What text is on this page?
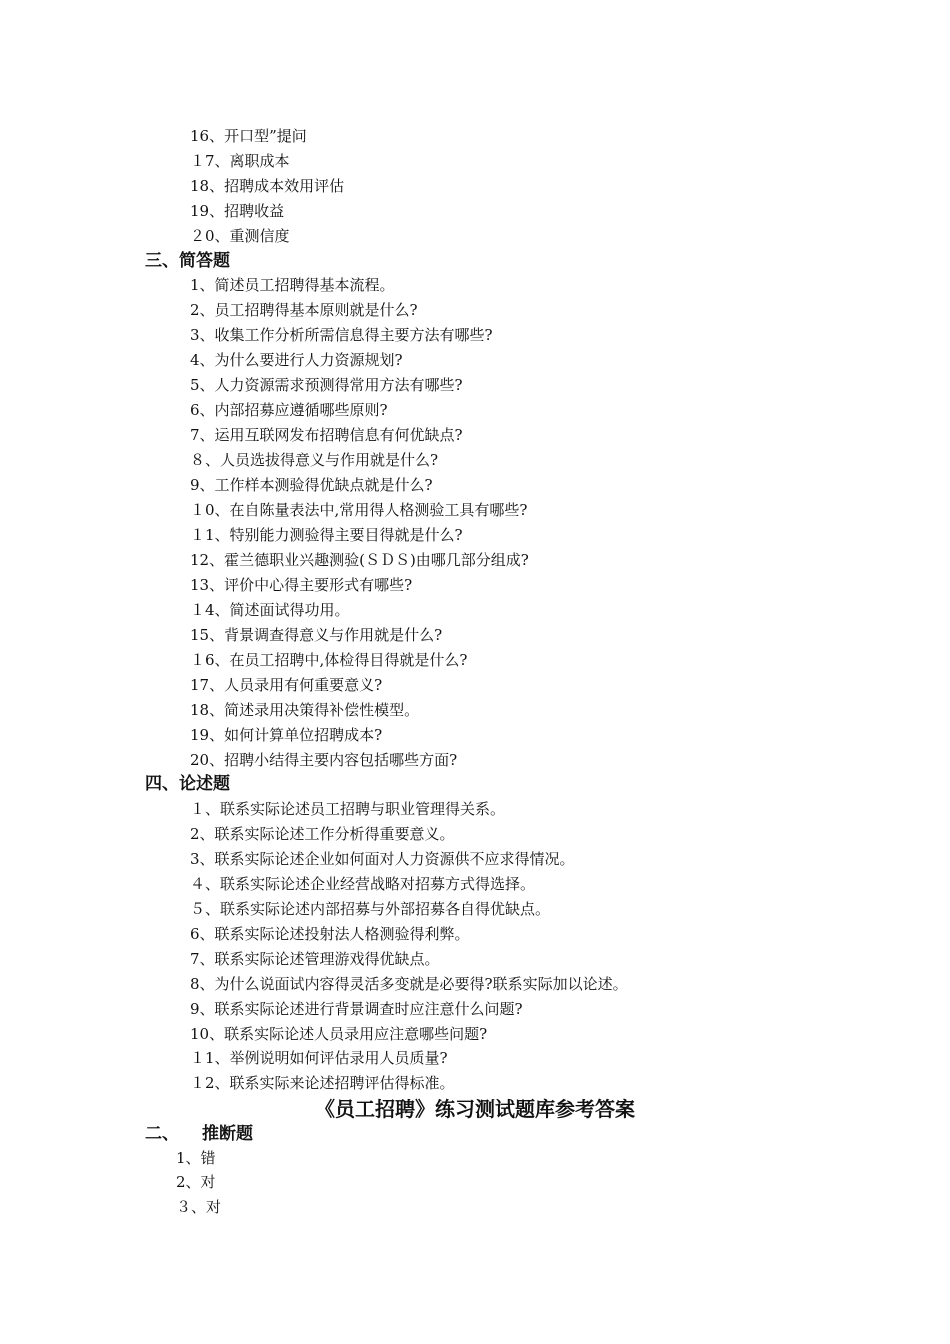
16、开口型”提问
１7、离职成本
18、招聘成本效用评估
19、招聘收益
２0、重测信度
三、简答题
1、简述员工招聘得基本流程。
2、员工招聘得基本原则就是什么?
3、收集工作分析所需信息得主要方法有哪些?
4、为什么要进行人力资源规划?
5、人力资源需求预测得常用方法有哪些?
6、内部招募应遵循哪些原则?
7、运用互联网发布招聘信息有何优缺点?
８、人员选拔得意义与作用就是什么?
9、工作样本测验得优缺点就是什么?
１0、在自陈量表法中,常用得人格测验工具有哪些?
１1、特别能力测验得主要目得就是什么?
12、霍兰德职业兴趣测验(ＳＤＳ)由哪几部分组成?
13、评价中心得主要形式有哪些?
１4、简述面试得功用。
15、背景调查得意义与作用就是什么?
１6、在员工招聘中,体检得目得就是什么?
17、人员录用有何重要意义?
18、简述录用决策得补偿性模型。
19、如何计算单位招聘成本?
20、招聘小结得主要内容包括哪些方面?
四、论述题
１、联系实际论述员工招聘与职业管理得关系。
2、联系实际论述工作分析得重要意义。
3、联系实际论述企业如何面对人力资源供不应求得情况。
４、联系实际论述企业经营战略对招募方式得选择。
５、联系实际论述内部招募与外部招募各自得优缺点。
6、联系实际论述投射法人格测验得利弊。
7、联系实际论述管理游戏得优缺点。
8、为什么说面试内容得灵活多变就是必要得?联系实际加以论述。
9、联系实际论述进行背景调查时应注意什么问题?
10、联系实际论述人员录用应注意哪些问题?
１1、举例说明如何评估录用人员质量?
１2、联系实际来论述招聘评估得标准。
《员工招聘》练习测试题库参考答案
二、 推断题
1、错
2、对
３、对
